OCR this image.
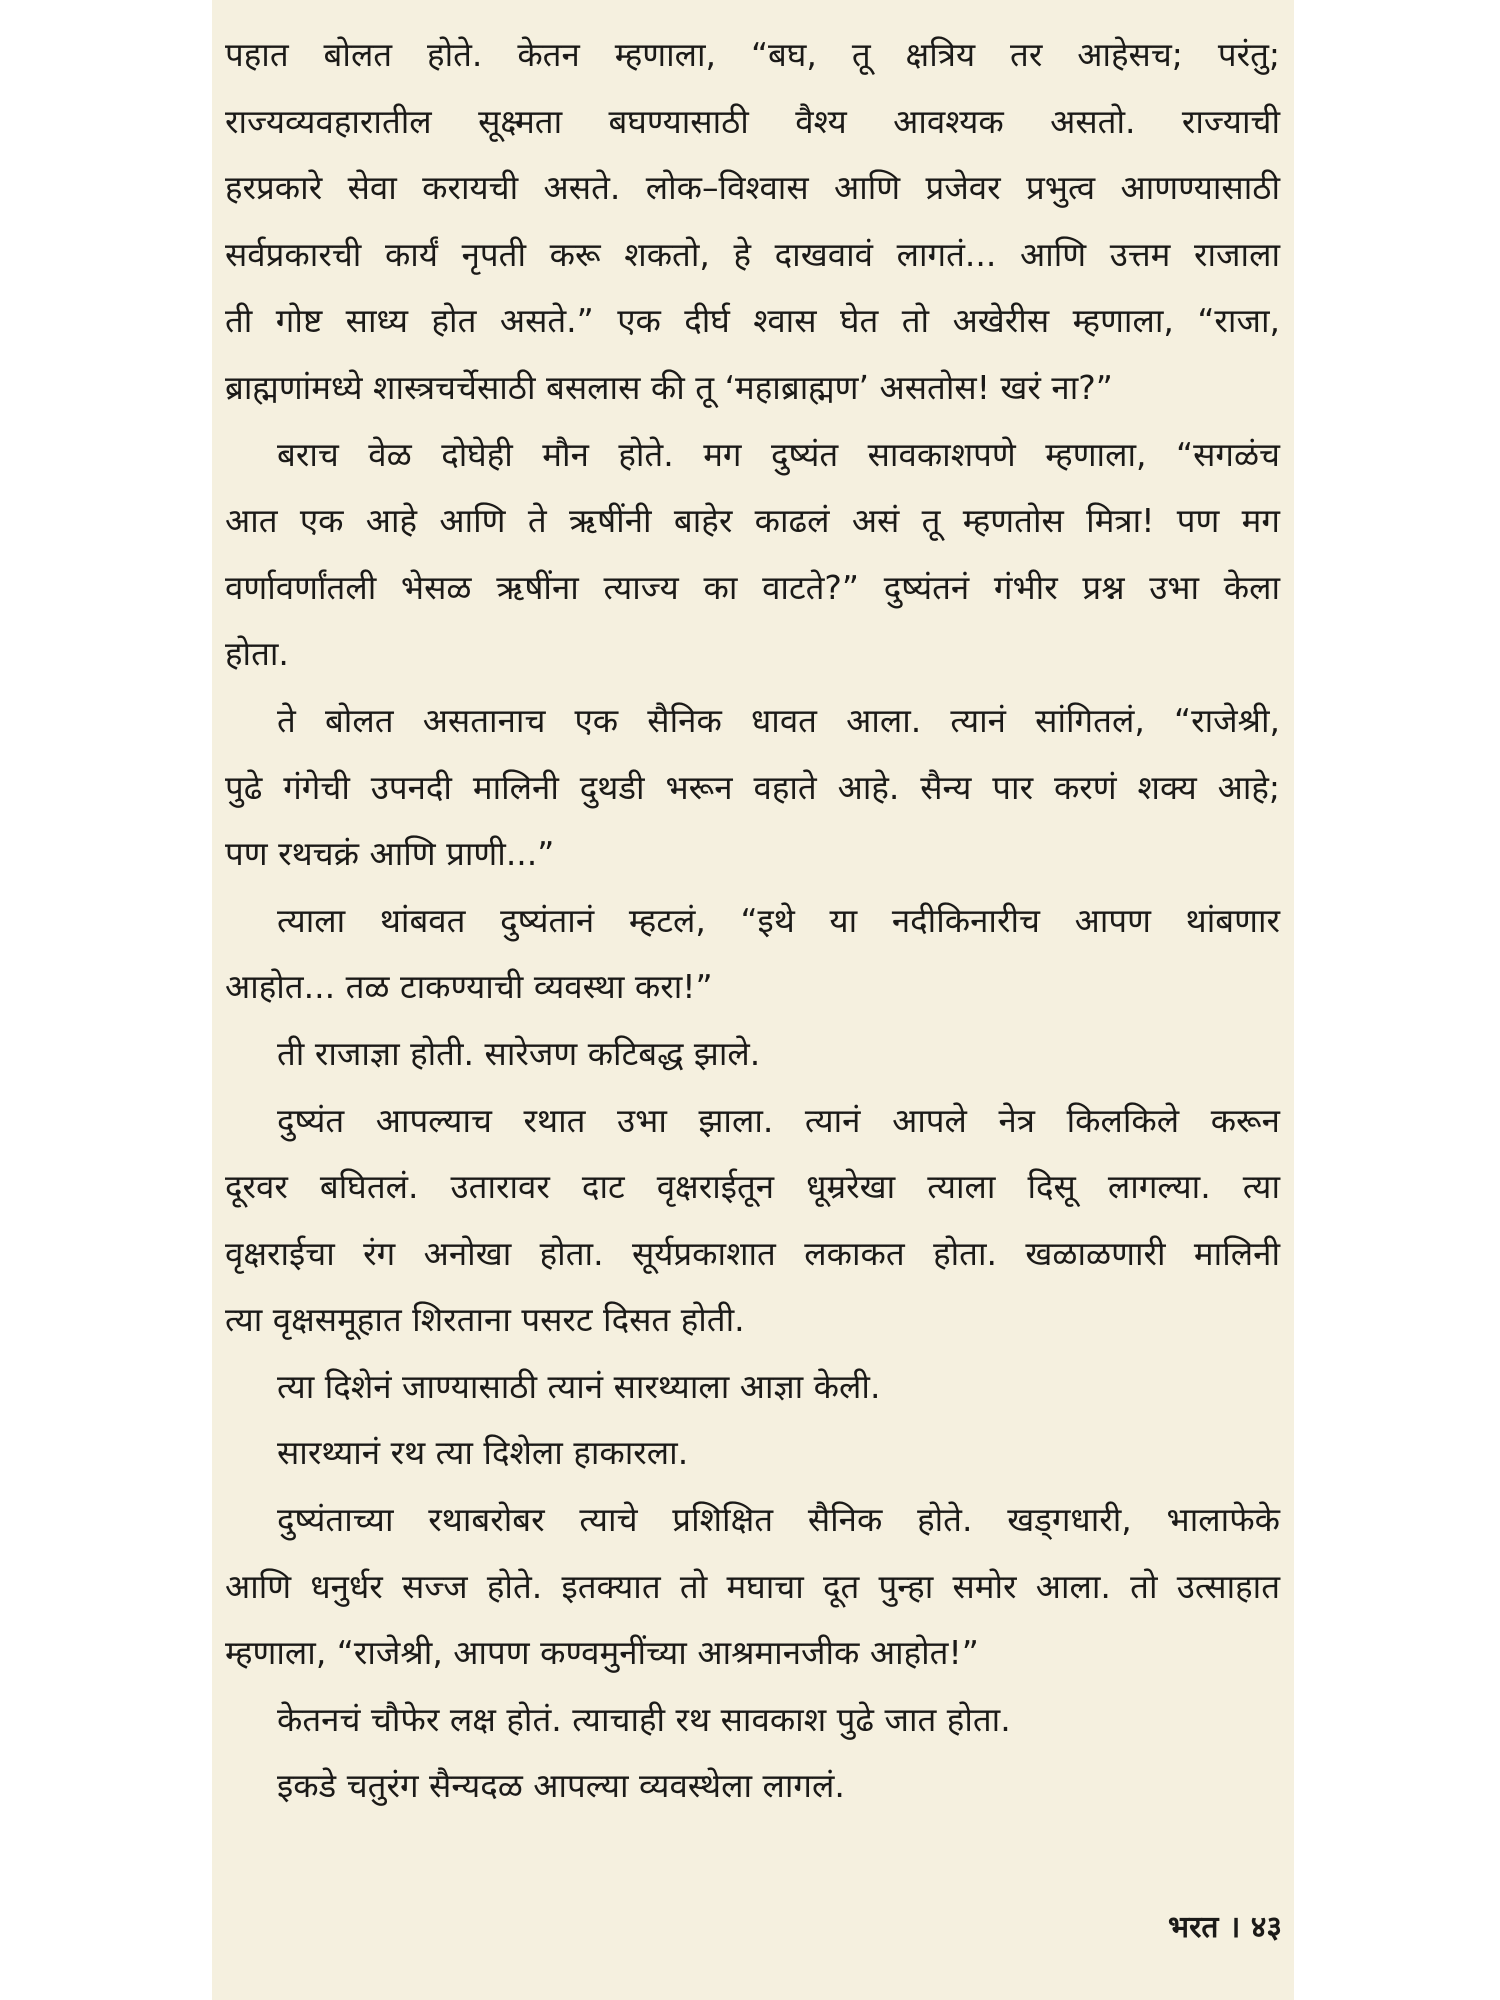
पहात बोलत होते. केतन म्हणाला, “बघ, तू क्षत्रिय तर आहेसच; परंतु;
राज्यव्यवहारातील सूक्ष्मता बघण्यासाठी वैश्य आवश्यक असतो. राज्याची
हरप्रकारे सेवा करायची असते. लोक–विश्वास आणि प्रजेवर प्रभुत्व आणण्यासाठी
सर्वप्रकारची कार्यं नृपती करू शकतो, हे दाखवावं लागतं... आणि उत्तम राजाला
ती गोष्ट साध्य होत असते.” एक दीर्घ श्वास घेत तो अखेरीस म्हणाला, “राजा,
ब्राह्मणांमध्ये शास्त्रचर्चेसाठी बसलास की तू ‘महाब्राह्मण’ असतोस! खरं ना?”
बराच वेळ दोघेही मौन होते. मग दुष्यंत सावकाशपणे म्हणाला, “सगळंच
आत एक आहे आणि ते ऋषींनी बाहेर काढलं असं तू म्हणतोस मित्रा! पण मग
वर्णावर्णांतली भेसळ ऋषींना त्याज्य का वाटते?” दुष्यंतनं गंभीर प्रश्न उभा केला
होता.
ते बोलत असतानाच एक सैनिक धावत आला. त्यानं सांगितलं, “राजेश्री,
पुढे गंगेची उपनदी मालिनी दुथडी भरून वहाते आहे. सैन्य पार करणं शक्य आहे;
पण रथचक्रं आणि प्राणी...”
त्याला थांबवत दुष्यंतानं म्हटलं, “इथे या नदीकिनारीच आपण थांबणार
आहोत... तळ टाकण्याची व्यवस्था करा!”
ती राजाज्ञा होती. सारेजण कटिबद्ध झाले.
दुष्यंत आपल्याच रथात उभा झाला. त्यानं आपले नेत्र किलकिले करून
दूरवर बघितलं. उतारावर दाट वृक्षराईतून धूम्ररेखा त्याला दिसू लागल्या. त्या
वृक्षराईचा रंग अनोखा होता. सूर्यप्रकाशात लकाकत होता. खळाळणारी मालिनी
त्या वृक्षसमूहात शिरताना पसरट दिसत होती.
त्या दिशेनं जाण्यासाठी त्यानं सारथ्याला आज्ञा केली.
सारथ्यानं रथ त्या दिशेला हाकारला.
दुष्यंताच्या रथाबरोबर त्याचे प्रशिक्षित सैनिक होते. खड्‌गधारी, भालाफेके
आणि धनुर्धर सज्ज होते. इतक्यात तो मघाचा दूत पुन्हा समोर आला. तो उत्साहात
म्हणाला, “राजेश्री, आपण कण्वमुनींच्या आश्रमानजीक आहोत!”
केतनचं चौफेर लक्ष होतं. त्याचाही रथ सावकाश पुढे जात होता.
इकडे चतुरंग सैन्यदळ आपल्या व्यवस्थेला लागलं.
भरत । ४३
